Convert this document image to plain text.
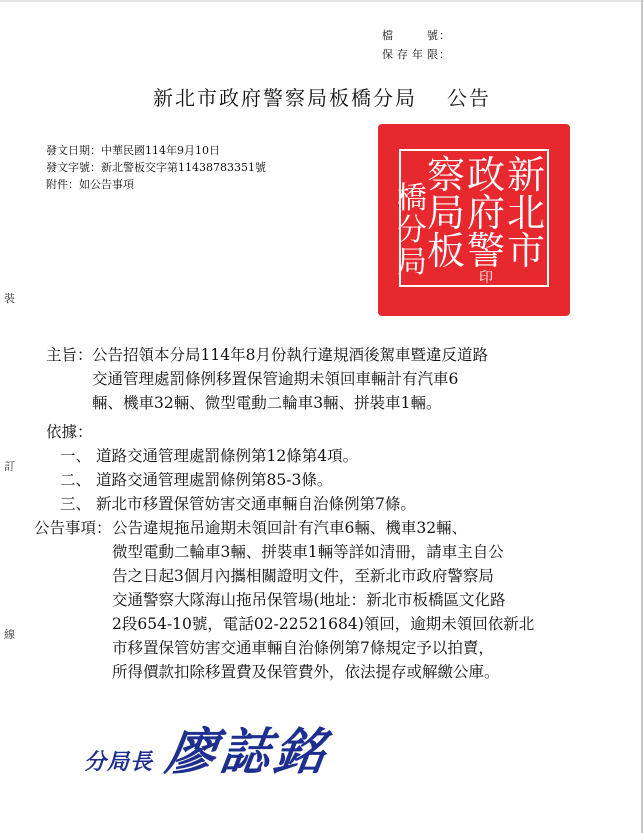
檔號 ：
保存年限 ：
新北市政府警察局板橋分局 公告
發文日期：中華民國114年9月10日
發文字號：新北警板交字第11438783351號
附件：如公告事項	新
北
市
政
府
警
察
局
板
橋
分
局	印
裝
訂
線
主旨： 公告招領本分局114年8月份執行違規酒後駕車暨違反道路
交通管理處罰條例移置保管逾期未領回車輛計有汽車6
輛、機車32輛、微型電動二輪車3輛、拼裝車1輛。
依據：
一、 道路交通管理處罰條例第12條第4項。
二、 道路交通管理處罰條例第85-3條。
三、 新北市移置保管妨害交通車輛自治條例第7條。
公告事項： 公告違規拖吊逾期未領回計有汽車6輛、機車32輛、
微型電動二輪車3輛、拼裝車1輛等詳如清冊，請車主自公
告之日起3個月內攜相關證明文件，至新北市政府警察局
交通警察大隊海山拖吊保管場(地址：新北市板橋區文化路
2段654-10號，電話02-22521684)領回，逾期未領回依新北
市移置保管妨害交通車輛自治條例第7條規定予以拍賣，
所得價款扣除移置費及保管費外，依法提存或解繳公庫。
分局長 廖誌銘
